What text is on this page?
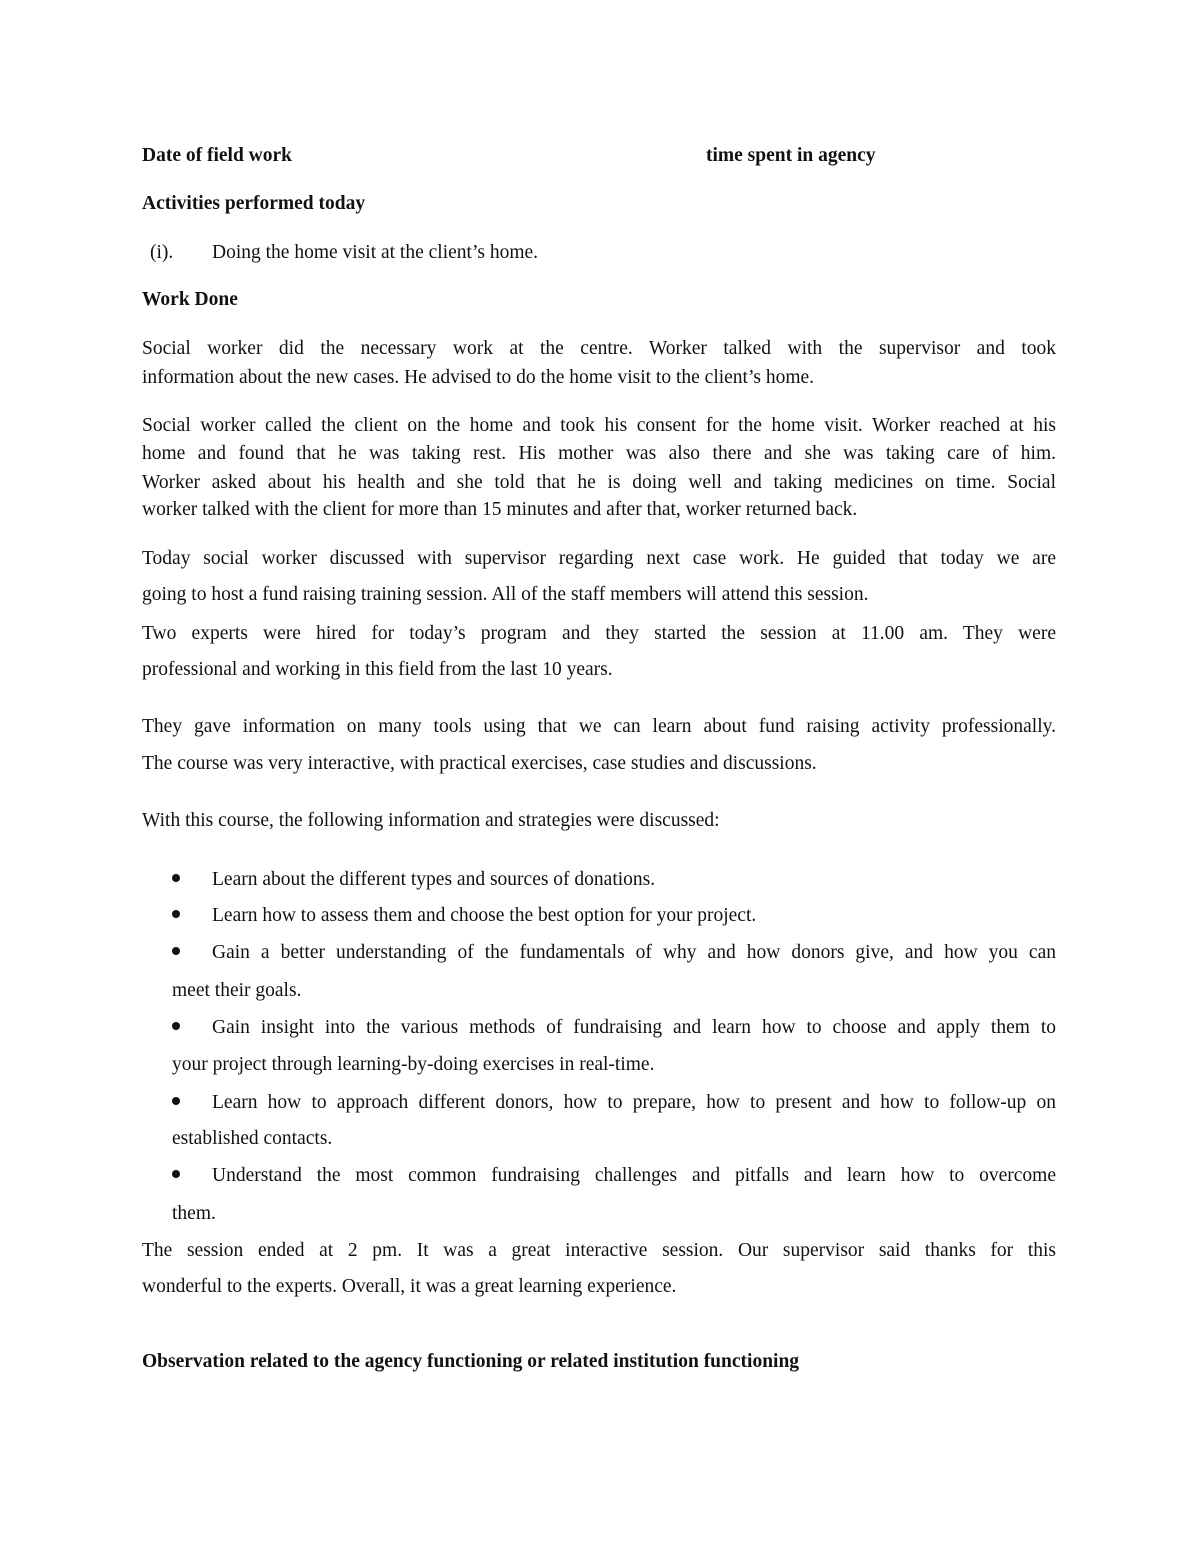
Date of field work	time spent in agency
Activities performed today
(i). Doing the home visit at the client’s home.
Work Done
Social worker did the necessary work at the centre. Worker talked with the supervisor and took
information about the new cases. He advised to do the home visit to the client’s home.
Social worker called the client on the home and took his consent for the home visit. Worker reached at his
home and found that he was taking rest. His mother was also there and she was taking care of him.
Worker asked about his health and she told that he is doing well and taking medicines on time. Social
worker talked with the client for more than 15 minutes and after that, worker returned back.
Today social worker discussed with supervisor regarding next case work. He guided that today we are
going to host a fund raising training session. All of the staff members will attend this session.
Two experts were hired for today’s program and they started the session at 11.00 am. They were
professional and working in this field from the last 10 years.
They gave information on many tools using that we can learn about fund raising activity professionally.
The course was very interactive, with practical exercises, case studies and discussions.
With this course, the following information and strategies were discussed:
Learn about the different types and sources of donations.
Learn how to assess them and choose the best option for your project.
Gain a better understanding of the fundamentals of why and how donors give, and how you can
meet their goals.
Gain insight into the various methods of fundraising and learn how to choose and apply them to
your project through learning-by-doing exercises in real-time.
Learn how to approach different donors, how to prepare, how to present and how to follow-up on
established contacts.
Understand the most common fundraising challenges and pitfalls and learn how to overcome
them.
The session ended at 2 pm. It was a great interactive session. Our supervisor said thanks for this
wonderful to the experts. Overall, it was a great learning experience.
Observation related to the agency functioning or related institution functioning
